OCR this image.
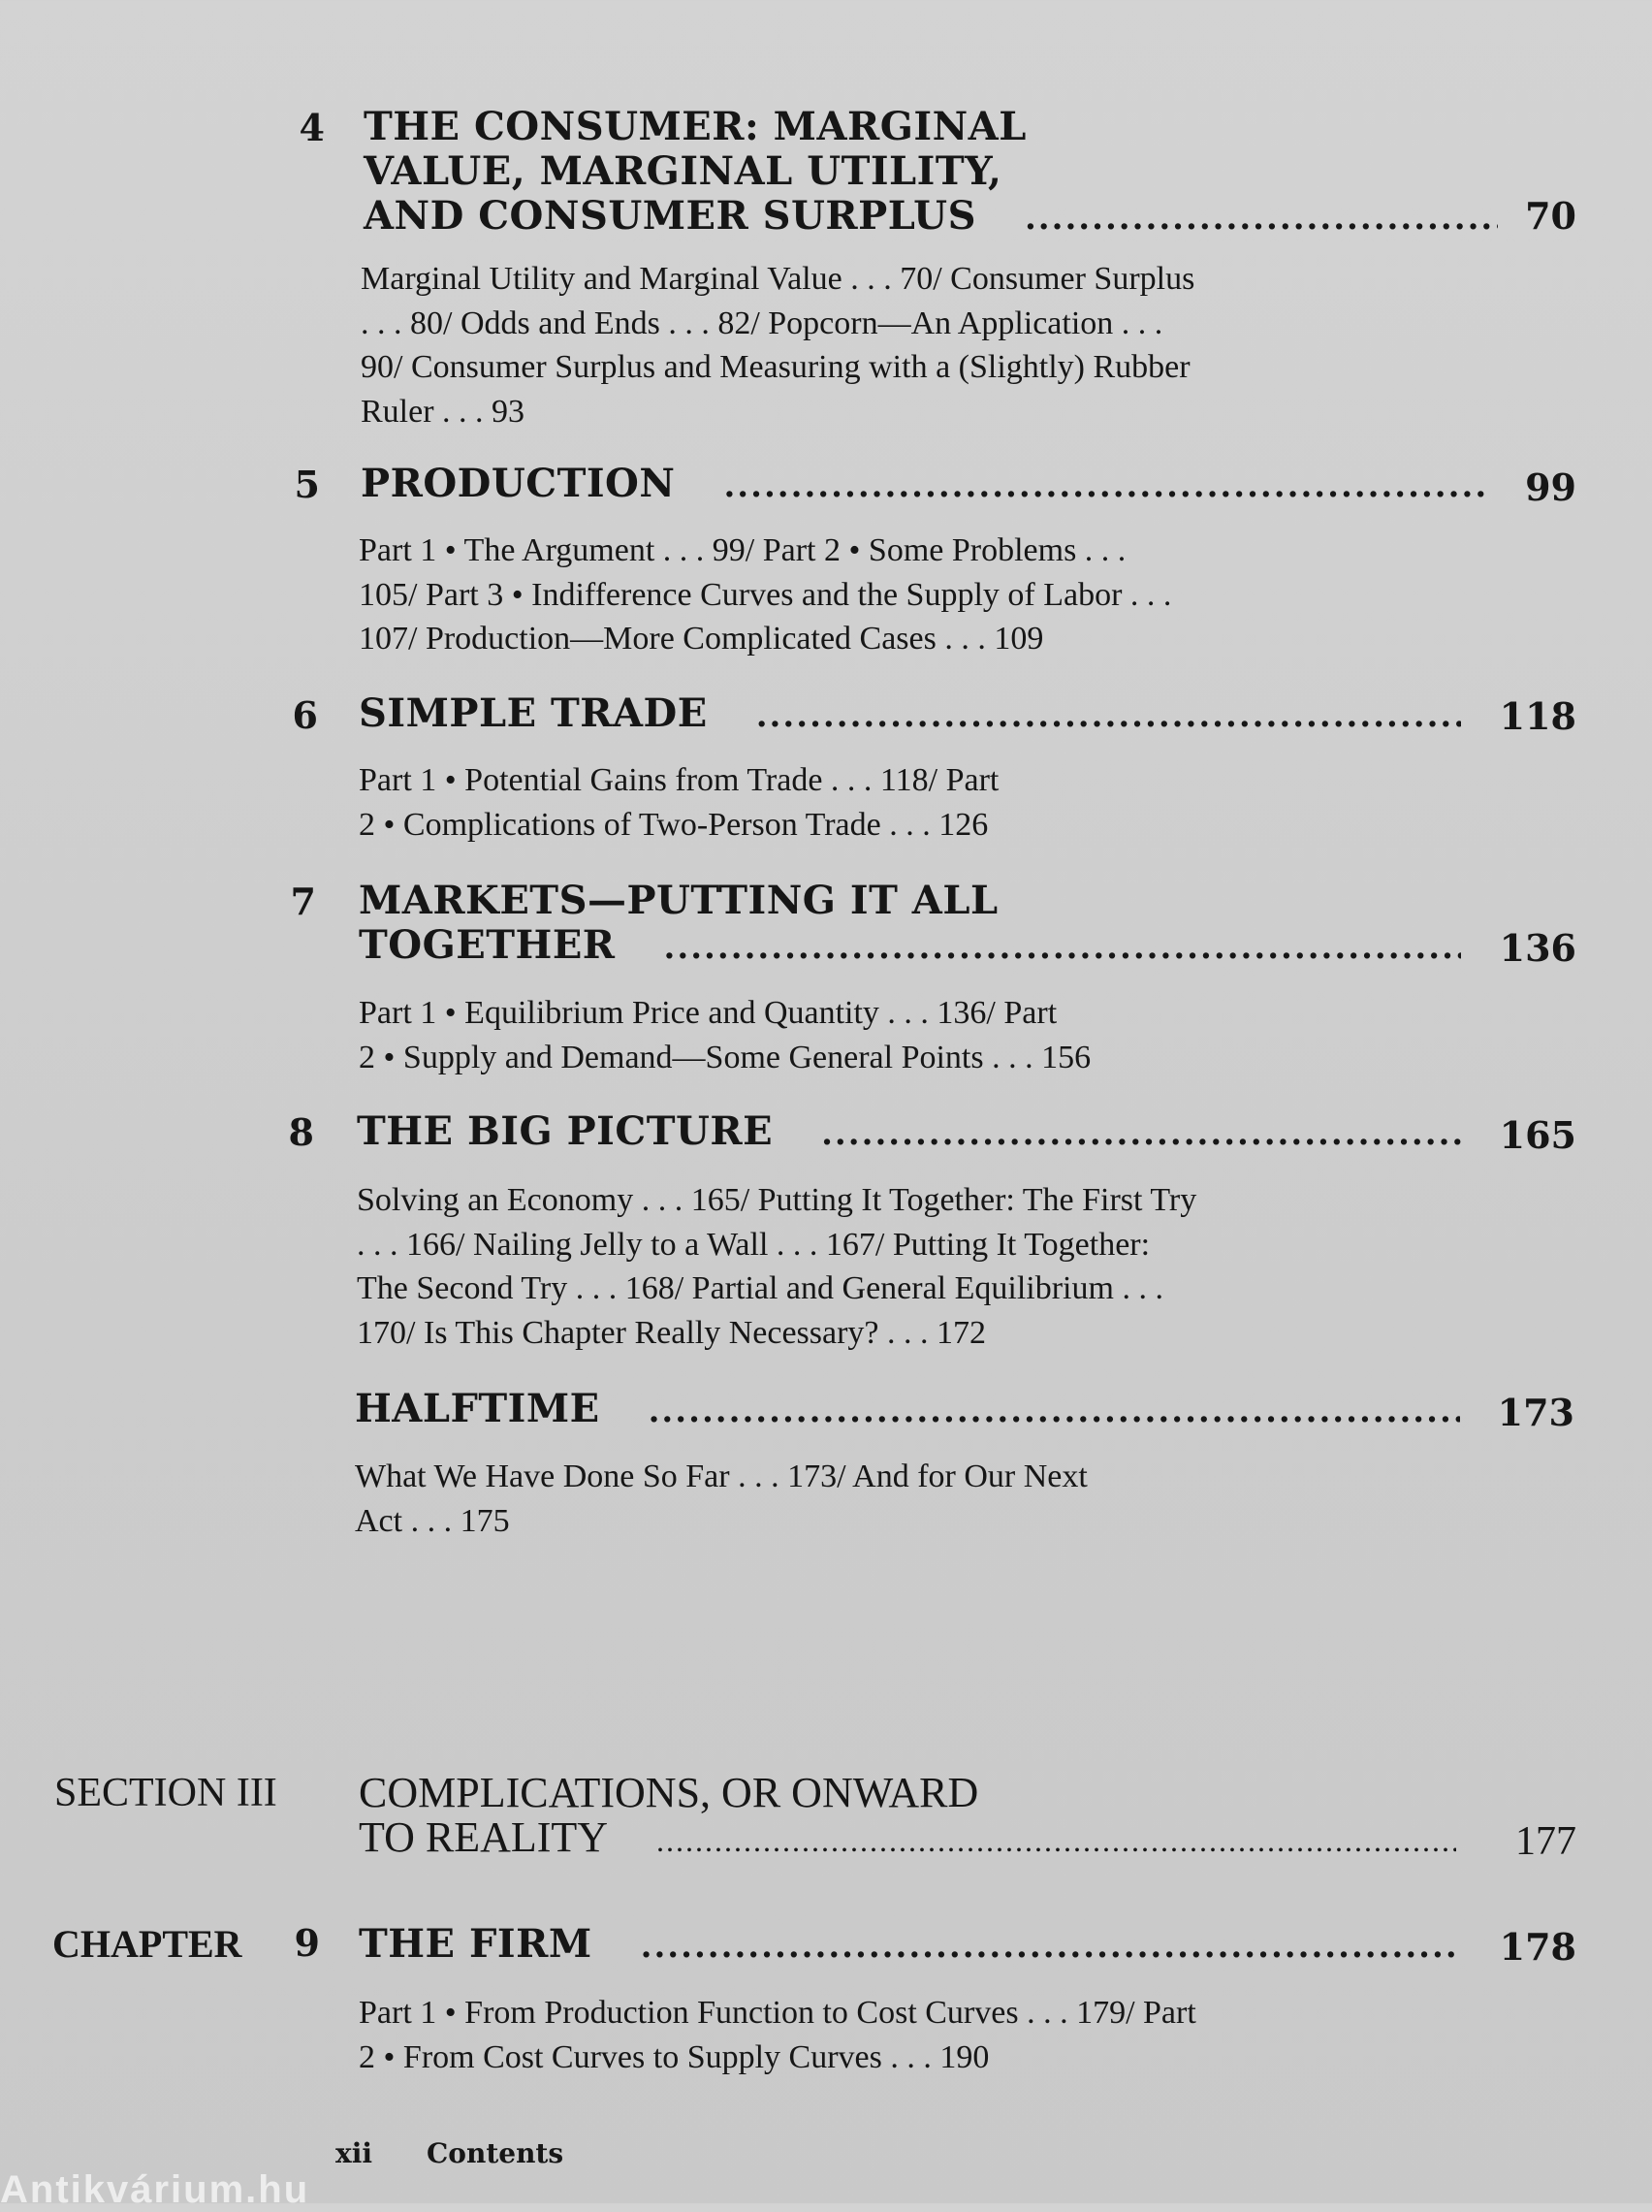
4 THE CONSUMER: MARGINAL
VALUE, MARGINAL UTILITY,
AND CONSUMER SURPLUS .....	70
Marginal Utility and Marginal Value . . . 70/ Consumer Surplus
. . . 80/ Odds and Ends . . . 82/ Popcorn—An Application . . .
90/ Consumer Surplus and Measuring with a (Slightly) Rubber
Ruler . . . 93
5 PRODUCTION .....	99
Part 1 • The Argument . . . 99/ Part 2 • Some Problems . . .
105/ Part 3 • Indifference Curves and the Supply of Labor . . .
107/ Production—More Complicated Cases . . . 109
6 SIMPLE TRADE .....	118
Part 1 • Potential Gains from Trade . . . 118/ Part
2 • Complications of Two-Person Trade . . . 126
7 MARKETS—PUTTING IT ALL
TOGETHER .....	136
Part 1 • Equilibrium Price and Quantity . . . 136/ Part
2 • Supply and Demand—Some General Points . . . 156
8 THE BIG PICTURE .....	165
Solving an Economy . . . 165/ Putting It Together: The First Try
. . . 166/ Nailing Jelly to a Wall . . . 167/ Putting It Together:
The Second Try . . . 168/ Partial and General Equilibrium . . .
170/ Is This Chapter Really Necessary? . . . 172
HALFTIME .....	173
What We Have Done So Far . . . 173/ And for Our Next
Act . . . 175
SECTION III COMPLICATIONS, OR ONWARD
TO REALITY .....	177
CHAPTER 9 THE FIRM .....	178
Part 1 • From Production Function to Cost Curves . . . 179/ Part
2 • From Cost Curves to Supply Curves . . . 190
xii Contents
Antikvárium.hu
